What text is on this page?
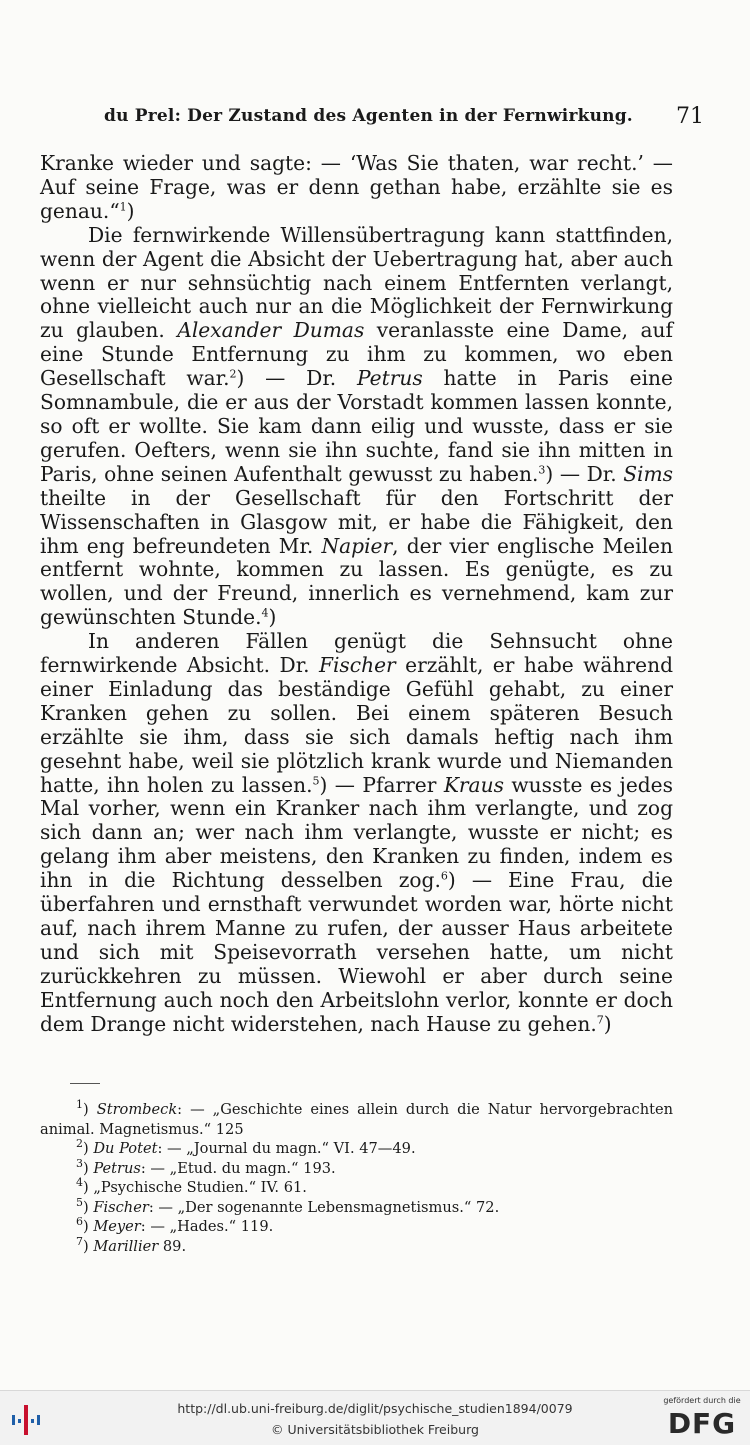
du Prel: Der Zustand des Agenten in der Fernwirkung. 71

Kranke wieder und sagte: — ‘Was Sie thaten, war recht.’ — Auf seine Frage, was er denn gethan habe, erzählte sie es genau.“$^1$)

Die fernwirkende Willensübertragung kann stattfinden, wenn der Agent die Absicht der Uebertragung hat, aber auch wenn er nur sehnsüchtig nach einem Entfernten verlangt, ohne vielleicht auch nur an die Möglichkeit der Fernwirkung zu glauben. Alexander Dumas veranlasste eine Dame, auf eine Stunde Entfernung zu ihm zu kommen, wo eben Gesellschaft war.$^2$) — Dr. Petrus hatte in Paris eine Somnambule, die er aus der Vorstadt kommen lassen konnte, so oft er wollte. Sie kam dann eilig und wusste, dass er sie gerufen. Oefters, wenn sie ihn suchte, fand sie ihn mitten in Paris, ohne seinen Aufenthalt gewusst zu haben.$^3$) — Dr. Sims theilte in der Gesellschaft für den Fortschritt der Wissenschaften in Glasgow mit, er habe die Fähigkeit, den ihm eng befreundeten Mr. Napier, der vier englische Meilen entfernt wohnte, kommen zu lassen. Es genügte, es zu wollen, und der Freund, innerlich es vernehmend, kam zur gewünschten Stunde.$^4$)

In anderen Fällen genügt die Sehnsucht ohne fernwirkende Absicht. Dr. Fischer erzählt, er habe während einer Einladung das beständige Gefühl gehabt, zu einer Kranken gehen zu sollen. Bei einem späteren Besuch erzählte sie ihm, dass sie sich damals heftig nach ihm gesehnt habe, weil sie plötzlich krank wurde und Niemanden hatte, ihn holen zu lassen.$^5$) — Pfarrer Kraus wusste es jedes Mal vorher, wenn ein Kranker nach ihm verlangte, und zog sich dann an; wer nach ihm verlangte, wusste er nicht; es gelang ihm aber meistens, den Kranken zu finden, indem es ihn in die Richtung desselben zog.$^6$) — Eine Frau, die überfahren und ernsthaft verwundet worden war, hörte nicht auf, nach ihrem Manne zu rufen, der ausser Haus arbeitete und sich mit Speisevorrath versehen hatte, um nicht zurückkehren zu müssen. Wiewohl er aber durch seine Entfernung auch noch den Arbeitslohn verlor, konnte er doch dem Drange nicht widerstehen, nach Hause zu gehen.$^7$)

$^1$) Strombeck: — „Geschichte eines allein durch die Natur hervorgebrachten animal. Magnetismus.“ 125

$^2$) Du Potet: — „Journal du magn.“ VI. 47—49.

$^3$) Petrus: — „Etud. du magn.“ 193.

$^4$) „Psychische Studien.“ IV. 61.

$^5$) Fischer: — „Der sogenannte Lebensmagnetismus.“ 72.

$^6$) Meyer: — „Hades.“ 119.

$^7$) Marillier 89.

http://dl.ub.uni-freiburg.de/diglit/psychische_studien1894/0079
© Universitätsbibliothek Freiburg
gefördert durch die
DFG
